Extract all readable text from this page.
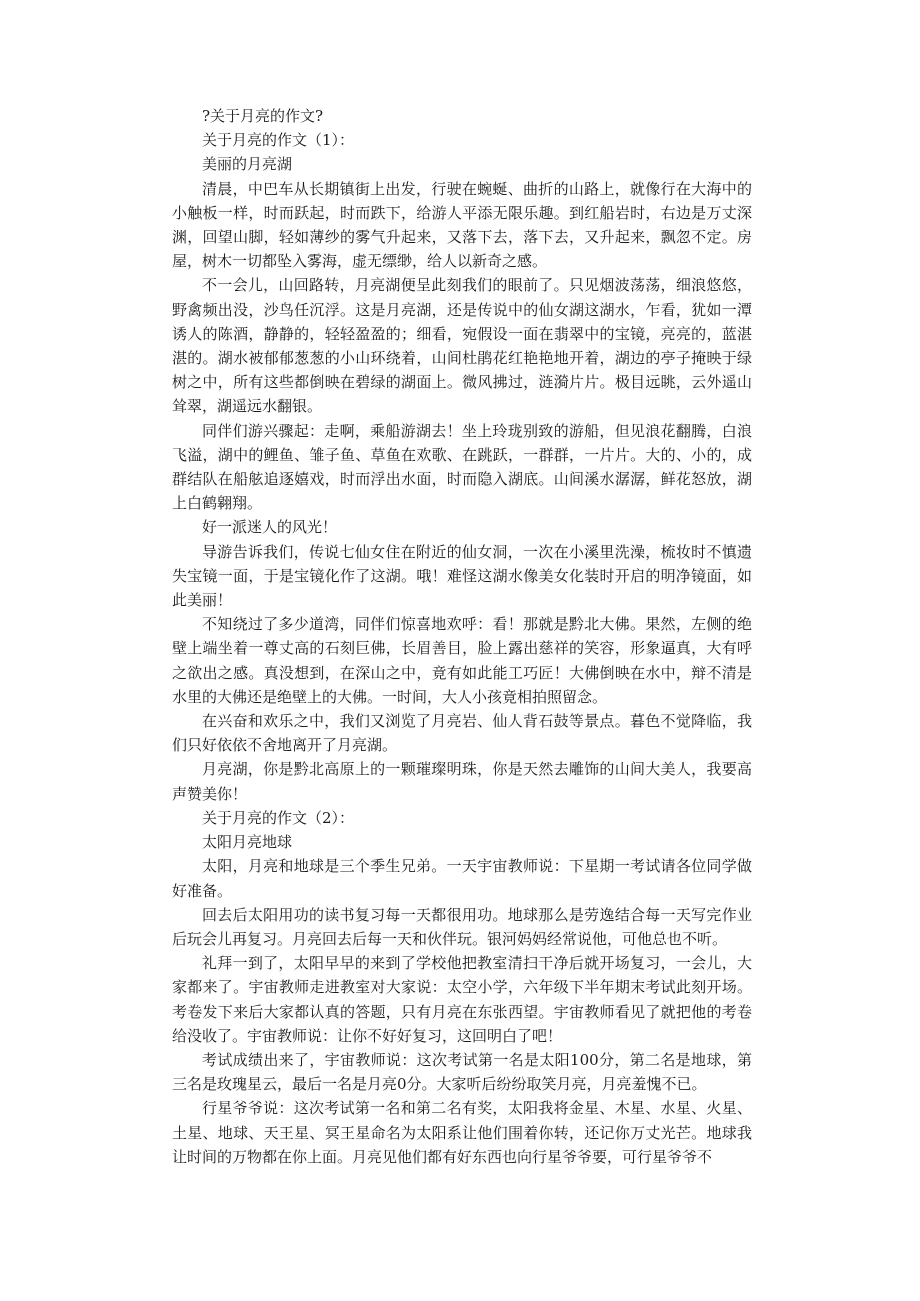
?关于月亮的作文?

关于月亮的作文（1）：

美丽的月亮湖

清晨，中巴车从长期镇街上出发，行驶在蜿蜒、曲折的山路上，就像行在大海中的小触板一样，时而跃起，时而跌下，给游人平添无限乐趣。到红船岩时，右边是万丈深渊，回望山脚，轻如薄纱的雾气升起来，又落下去，落下去，又升起来，飘忽不定。房屋，树木一切都坠入雾海，虚无缥缈，给人以新奇之感。

不一会儿，山回路转，月亮湖便呈此刻我们的眼前了。只见烟波荡荡，细浪悠悠，野禽频出没，沙鸟任沉浮。这是月亮湖，还是传说中的仙女湖这湖水，乍看，犹如一潭诱人的陈酒，静静的，轻轻盈盈的；细看，宛假设一面在翡翠中的宝镜，亮亮的，蓝湛湛的。湖水被郁郁葱葱的小山环绕着，山间杜鹃花红艳艳地开着，湖边的亭子掩映于绿树之中，所有这些都倒映在碧绿的湖面上。微风拂过，涟漪片片。极目远眺，云外遥山耸翠，湖遥远水翻银。

同伴们游兴骤起：走啊，乘船游湖去！坐上玲珑别致的游船，但见浪花翻腾，白浪飞溢，湖中的鲤鱼、雏子鱼、草鱼在欢歌、在跳跃，一群群，一片片。大的、小的，成群结队在船舷追逐嬉戏，时而浮出水面，时而隐入湖底。山间溪水潺潺，鲜花怒放，湖上白鹤翱翔。

好一派迷人的风光！

导游告诉我们，传说七仙女住在附近的仙女洞，一次在小溪里洗澡，梳妆时不慎遗失宝镜一面，于是宝镜化作了这湖。哦！难怪这湖水像美女化装时开启的明净镜面，如此美丽！

不知绕过了多少道湾，同伴们惊喜地欢呼：看！那就是黔北大佛。果然，左侧的绝壁上端坐着一尊丈高的石刻巨佛，长眉善目，脸上露出慈祥的笑容，形象逼真，大有呼之欲出之感。真没想到，在深山之中，竟有如此能工巧匠！大佛倒映在水中，辩不清是水里的大佛还是绝壁上的大佛。一时间，大人小孩竟相拍照留念。

在兴奋和欢乐之中，我们又浏览了月亮岩、仙人背石鼓等景点。暮色不觉降临，我们只好依依不舍地离开了月亮湖。

月亮湖，你是黔北高原上的一颗璀璨明珠，你是天然去雕饰的山间大美人，我要高声赞美你！

关于月亮的作文（2）：

太阳月亮地球

太阳，月亮和地球是三个季生兄弟。一天宇宙教师说：下星期一考试请各位同学做好准备。

回去后太阳用功的读书复习每一天都很用功。地球那么是劳逸结合每一天写完作业后玩会儿再复习。月亮回去后每一天和伙伴玩。银河妈妈经常说他，可他总也不听。

礼拜一到了，太阳早早的来到了学校他把教室清扫干净后就开场复习，一会儿，大家都来了。宇宙教师走进教室对大家说：太空小学，六年级下半年期末考试此刻开场。考卷发下来后大家都认真的答题，只有月亮在东张西望。宇宙教师看见了就把他的考卷给没收了。宇宙教师说：让你不好好复习，这回明白了吧！

考试成绩出来了，宇宙教师说：这次考试第一名是太阳100分，第二名是地球，第三名是玫瑰星云，最后一名是月亮0分。大家听后纷纷取笑月亮，月亮羞愧不已。

行星爷爷说：这次考试第一名和第二名有奖，太阳我将金星、木星、水星、火星、土星、地球、天王星、冥王星命名为太阳系让他们围着你转，还记你万丈光芒。地球我让时间的万物都在你上面。月亮见他们都有好东西也向行星爷爷要，可行星爷爷不
